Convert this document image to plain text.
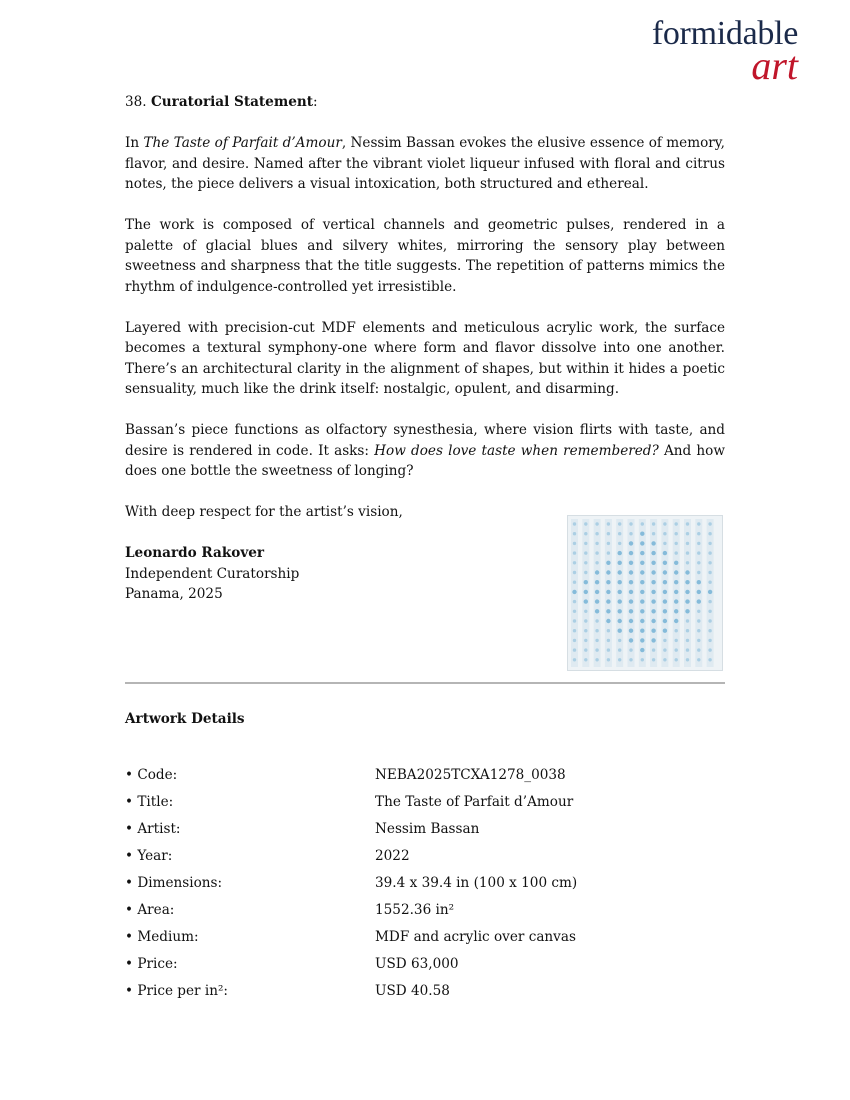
formidable
art

38. Curatorial Statement:

In The Taste of Parfait d’Amour, Nessim Bassan evokes the elusive essence of memory, flavor, and desire. Named after the vibrant violet liqueur infused with floral and citrus notes, the piece delivers a visual intoxication, both structured and ethereal.

The work is composed of vertical channels and geometric pulses, rendered in a palette of glacial blues and silvery whites, mirroring the sensory play between sweetness and sharpness that the title suggests. The repetition of patterns mimics the rhythm of indulgence-controlled yet irresistible.

Layered with precision-cut MDF elements and meticulous acrylic work, the surface becomes a textural symphony-one where form and flavor dissolve into one another. There’s an architectural clarity in the alignment of shapes, but within it hides a poetic sensuality, much like the drink itself: nostalgic, opulent, and disarming.

Bassan’s piece functions as olfactory synesthesia, where vision flirts with taste, and desire is rendered in code. It asks: How does love taste when remembered? And how does one bottle the sweetness of longing?

With deep respect for the artist’s vision,

Leonardo Rakover
Independent Curatorship
Panama, 2025

Artwork Details
• Code:	NEBA2025TCXA1278_0038
• Title:	The Taste of Parfait d’Amour
• Artist:	Nessim Bassan
• Year:	2022
• Dimensions:	39.4 x 39.4 in (100 x 100 cm)
• Area:	1552.36 in²
• Medium:	MDF and acrylic over canvas
• Price:	USD 63,000
• Price per in²:	USD 40.58
